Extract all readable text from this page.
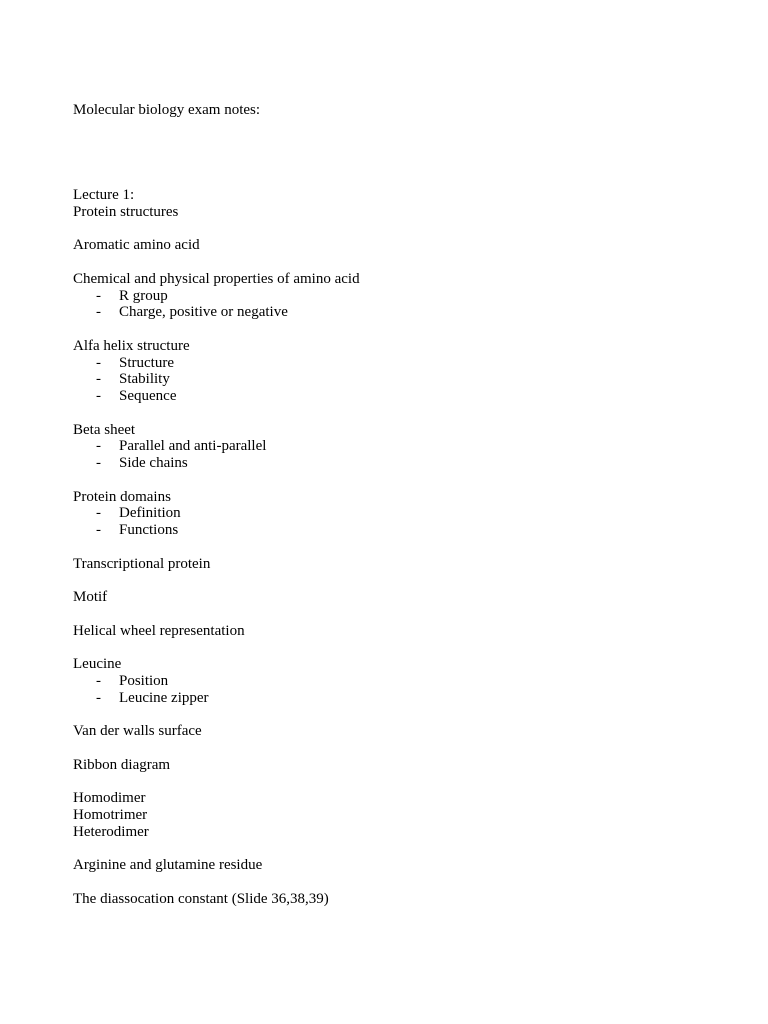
Molecular biology exam notes:
Lecture 1:
Protein structures
Aromatic amino acid
Chemical and physical properties of amino acid
- R group
- Charge, positive or negative
Alfa helix structure
- Structure
- Stability
- Sequence
Beta sheet
- Parallel and anti-parallel
- Side chains
Protein domains
- Definition
- Functions
Transcriptional protein
Motif
Helical wheel representation
Leucine
- Position
- Leucine zipper
Van der walls surface
Ribbon diagram
Homodimer
Homotrimer
Heterodimer
Arginine and glutamine residue
The diassocation constant (Slide 36,38,39)
